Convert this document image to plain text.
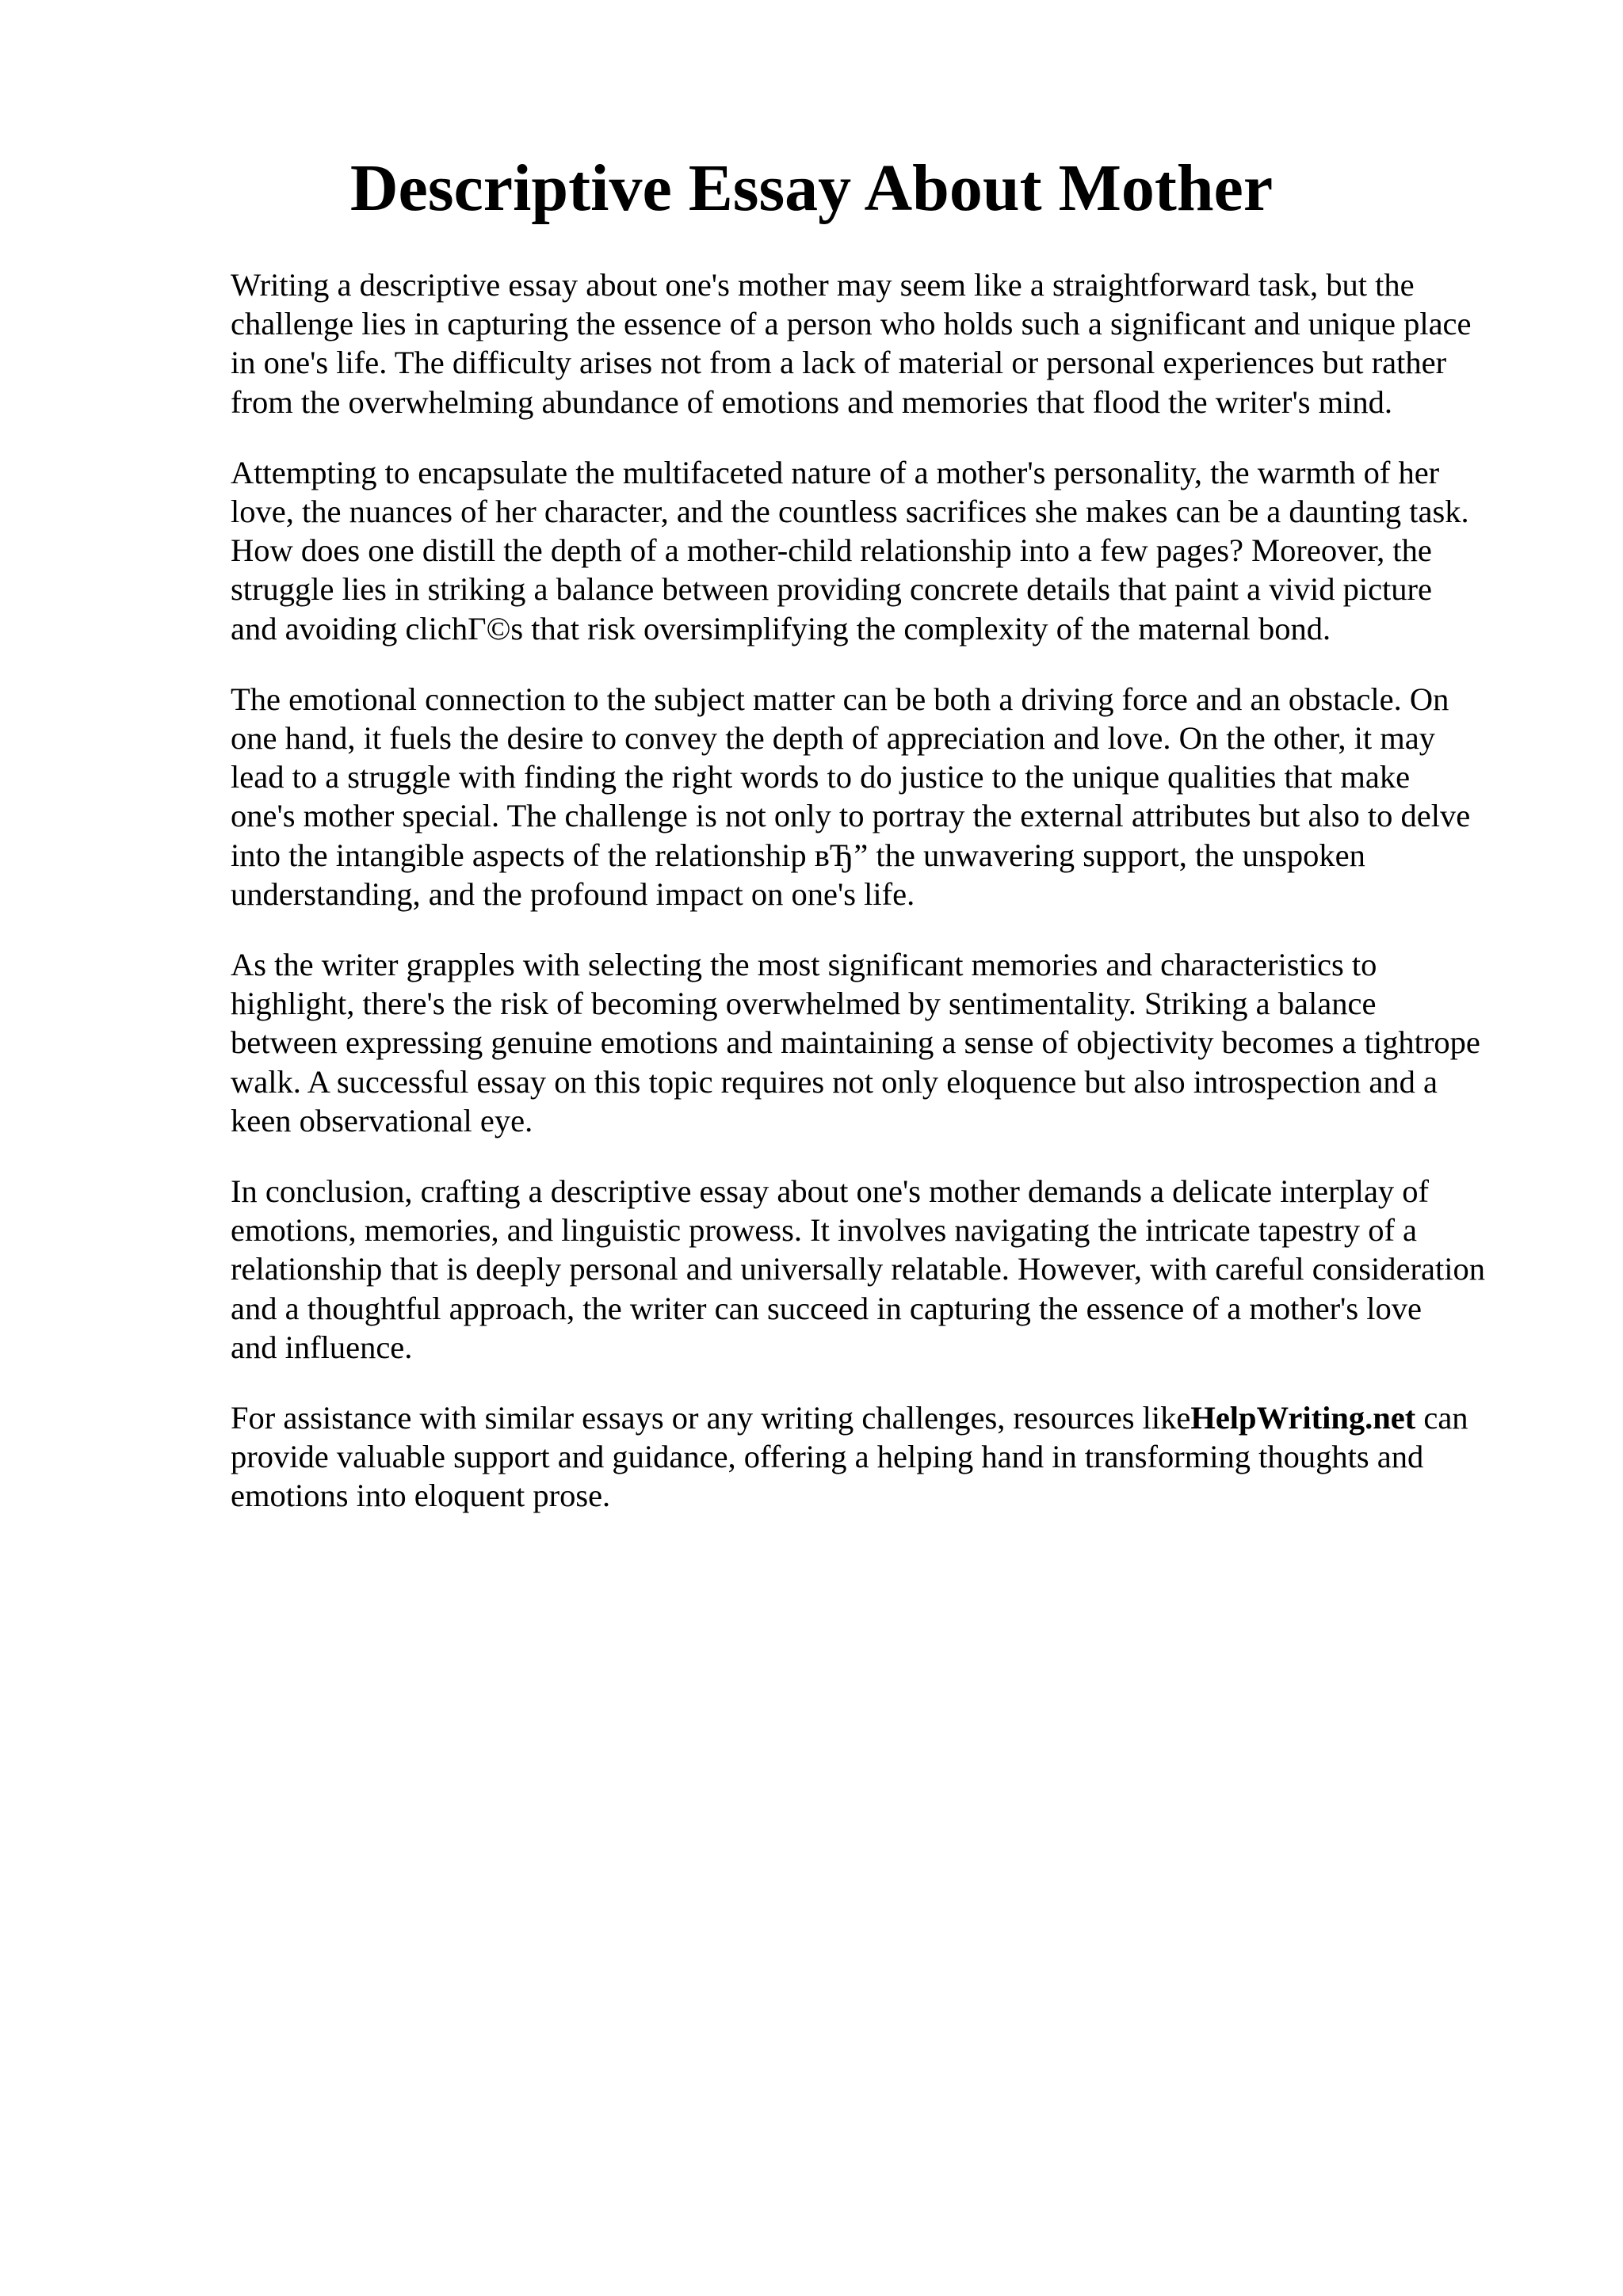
Descriptive Essay About Mother

Writing a descriptive essay about one's mother may seem like a straightforward task, but the
challenge lies in capturing the essence of a person who holds such a significant and unique place
in one's life. The difficulty arises not from a lack of material or personal experiences but rather
from the overwhelming abundance of emotions and memories that flood the writer's mind.

Attempting to encapsulate the multifaceted nature of a mother's personality, the warmth of her
love, the nuances of her character, and the countless sacrifices she makes can be a daunting task.
How does one distill the depth of a mother-child relationship into a few pages? Moreover, the
struggle lies in striking a balance between providing concrete details that paint a vivid picture
and avoiding clichГ©s that risk oversimplifying the complexity of the maternal bond.

The emotional connection to the subject matter can be both a driving force and an obstacle. On
one hand, it fuels the desire to convey the depth of appreciation and love. On the other, it may
lead to a struggle with finding the right words to do justice to the unique qualities that make
one's mother special. The challenge is not only to portray the external attributes but also to delve
into the intangible aspects of the relationship вЂ” the unwavering support, the unspoken
understanding, and the profound impact on one's life.

As the writer grapples with selecting the most significant memories and characteristics to
highlight, there's the risk of becoming overwhelmed by sentimentality. Striking a balance
between expressing genuine emotions and maintaining a sense of objectivity becomes a tightrope
walk. A successful essay on this topic requires not only eloquence but also introspection and a
keen observational eye.

In conclusion, crafting a descriptive essay about one's mother demands a delicate interplay of
emotions, memories, and linguistic prowess. It involves navigating the intricate tapestry of a
relationship that is deeply personal and universally relatable. However, with careful consideration
and a thoughtful approach, the writer can succeed in capturing the essence of a mother's love
and influence.

For assistance with similar essays or any writing challenges, resources likeHelpWriting.net can
provide valuable support and guidance, offering a helping hand in transforming thoughts and
emotions into eloquent prose.
